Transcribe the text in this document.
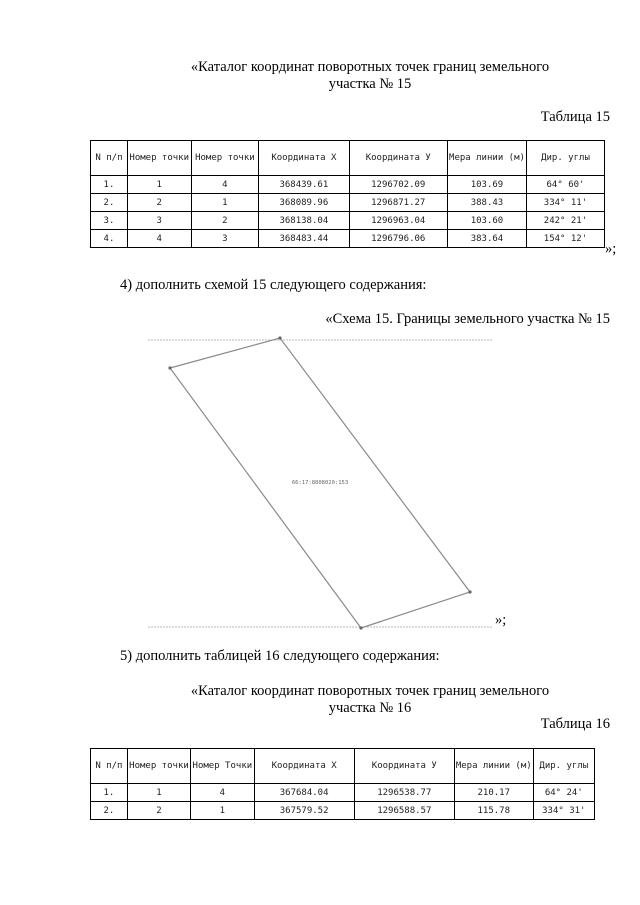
«Каталог координат поворотных точек границ земельного
участка № 15
Таблица 15
N п/п	Номер точки	Номер точки	Координата X	Координата У	Мера линии (м)	Дир. углы
1.	1	4	368439.61	1296702.09	103.69	64° 60'
2.	2	1	368089.96	1296871.27	388.43	334° 11'
3.	3	2	368138.04	1296963.04	103.60	242° 21'
4.	4	3	368483.44	1296796.06	383.64	154° 12'
»;
4) дополнить схемой 15 следующего содержания:
«Схема 15. Границы земельного участка № 15
66:17:8808020:153
»;
5) дополнить таблицей 16 следующего содержания:
«Каталог координат поворотных точек границ земельного
участка № 16
Таблица 16
N п/п	Номер точки	Номер Точки	Координата X	Координата У	Мера линии (м)	Дир. углы
1.	1	4	367684.04	1296538.77	210.17	64° 24'
2.	2	1	367579.52	1296588.57	115.78	334° 31'
